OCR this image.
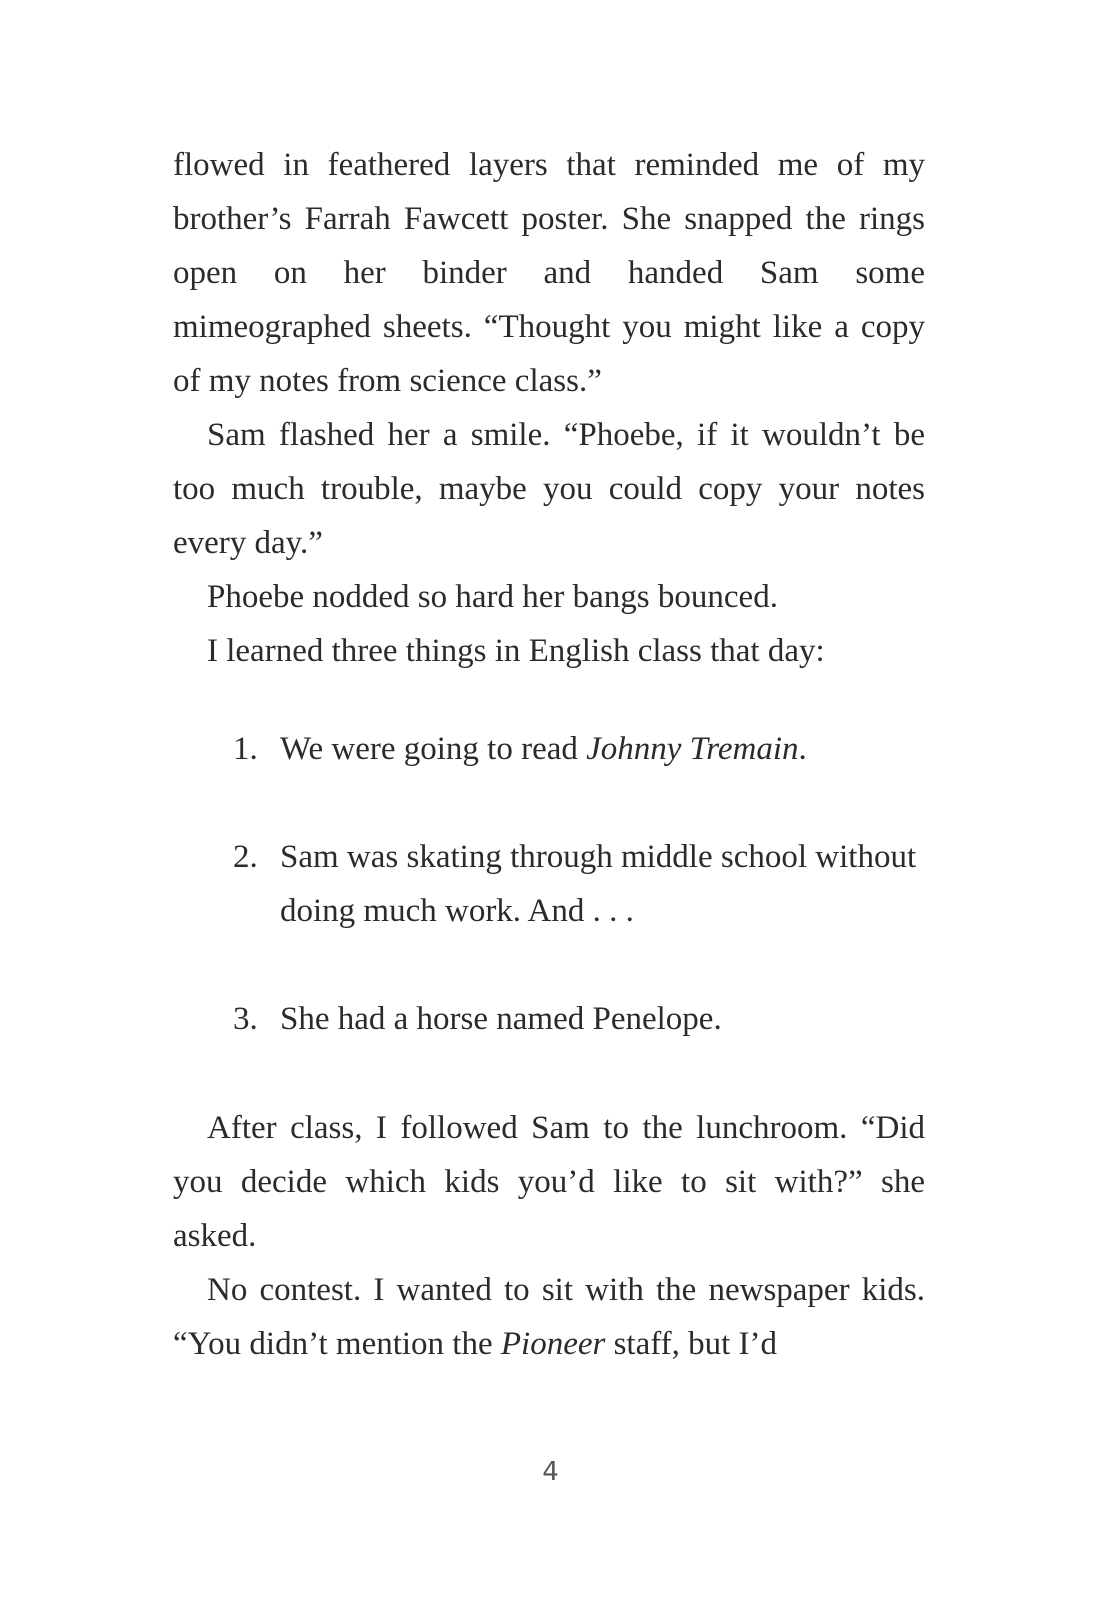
flowed in feathered layers that reminded me of my brother’s Farrah Fawcett poster. She snapped the rings open on her binder and handed Sam some mimeographed sheets. “Thought you might like a copy of my notes from science class.”

Sam flashed her a smile. “Phoebe, if it wouldn’t be too much trouble, maybe you could copy your notes every day.”

Phoebe nodded so hard her bangs bounced.

I learned three things in English class that day:

1. We were going to read Johnny Tremain.
2. Sam was skating through middle school without doing much work. And . . .
3. She had a horse named Penelope.

After class, I followed Sam to the lunchroom. “Did you decide which kids you’d like to sit with?” she asked.

No contest. I wanted to sit with the newspaper kids. “You didn’t mention the Pioneer staff, but I’d

4
